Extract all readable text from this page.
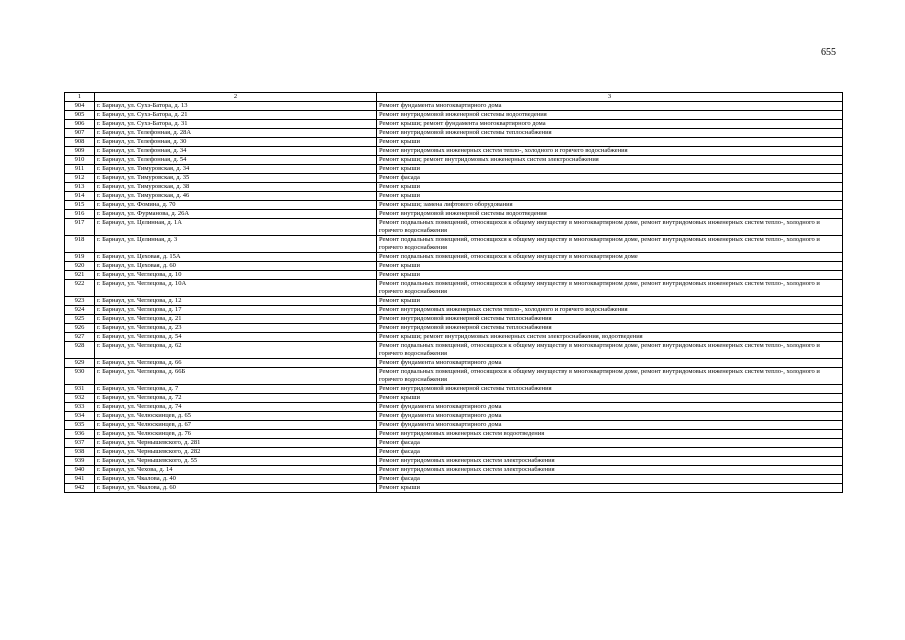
655
1	2	3
904	г. Барнаул, ул. Сухэ-Батора, д. 13	Ремонт фундамента многоквартирного дома
905	г. Барнаул, ул. Сухэ-Батора, д. 21	Ремонт внутридомовой инженерной системы водоотведения
906	г. Барнаул, ул. Сухэ-Батора, д. 31	Ремонт крыши; ремонт фундамента многоквартирного дома
907	г. Барнаул, ул. Телефонная, д. 28А	Ремонт внутридомовой инженерной системы теплоснабжения
908	г. Барнаул, ул. Телефонная, д. 30	Ремонт крыши
909	г. Барнаул, ул. Телефонная, д. 34	Ремонт внутридомовых инженерных систем тепло-, холодного и горячего водоснабжения
910	г. Барнаул, ул. Телефонная, д. 54	Ремонт крыши; ремонт внутридомовых инженерных систем электроснабжения
911	г. Барнаул, ул. Тимуровская, д. 34	Ремонт крыши
912	г. Барнаул, ул. Тимуровская, д. 35	Ремонт фасада
913	г. Барнаул, ул. Тимуровская, д. 38	Ремонт крыши
914	г. Барнаул, ул. Тимуровская, д. 46	Ремонт крыши
915	г. Барнаул, ул. Фомина, д. 70	Ремонт крыши; замена лифтового оборудования
916	г. Барнаул, ул. Фурманова, д. 26А	Ремонт внутридомовой инженерной системы водоотведения
917	г. Барнаул, ул. Целинная, д. 1А	Ремонт подвальных помещений, относящихся к общему имуществу в многоквартирном доме, ремонт внутридомовых инженерных систем тепло-, холодного и горячего водоснабжения
918	г. Барнаул, ул. Целинная, д. 3	Ремонт подвальных помещений, относящихся к общему имуществу в многоквартирном доме, ремонт внутридомовых инженерных систем тепло-, холодного и горячего водоснабжения
919	г. Барнаул, ул. Цеховая, д. 15А	Ремонт подвальных помещений, относящихся к общему имуществу в многоквартирном доме
920	г. Барнаул, ул. Цеховая, д. 60	Ремонт крыши
921	г. Барнаул, ул. Чеглецова, д. 10	Ремонт крыши
922	г. Барнаул, ул. Чеглецова, д. 10А	Ремонт подвальных помещений, относящихся к общему имуществу в многоквартирном доме, ремонт внутридомовых инженерных систем тепло-, холодного и горячего водоснабжения
923	г. Барнаул, ул. Чеглецова, д. 12	Ремонт крыши
924	г. Барнаул, ул. Чеглецова, д. 17	Ремонт внутридомовых инженерных систем тепло-, холодного и горячего водоснабжения
925	г. Барнаул, ул. Чеглецова, д. 21	Ремонт внутридомовой инженерной системы теплоснабжения
926	г. Барнаул, ул. Чеглецова, д. 23	Ремонт внутридомовой инженерной системы теплоснабжения
927	г. Барнаул, ул. Чеглецова, д. 54	Ремонт крыши; ремонт внутридомовых инженерных систем электроснабжения, водоотведения
928	г. Барнаул, ул. Чеглецова, д. 62	Ремонт подвальных помещений, относящихся к общему имуществу в многоквартирном доме, ремонт внутридомовых инженерных систем тепло-, холодного и горячего водоснабжения
929	г. Барнаул, ул. Чеглецова, д. 66	Ремонт фундамента многоквартирного дома
930	г. Барнаул, ул. Чеглецова, д. 66Б	Ремонт подвальных помещений, относящихся к общему имуществу в многоквартирном доме, ремонт внутридомовых инженерных систем тепло-, холодного и горячего водоснабжения
931	г. Барнаул, ул. Чеглецова, д. 7	Ремонт внутридомовой инженерной системы теплоснабжения
932	г. Барнаул, ул. Чеглецова, д. 72	Ремонт крыши
933	г. Барнаул, ул. Чеглецова, д. 74	Ремонт фундамента многоквартирного дома
934	г. Барнаул, ул. Челюскинцев, д. 65	Ремонт фундамента многоквартирного дома
935	г. Барнаул, ул. Челюскинцев, д. 67	Ремонт фундамента многоквартирного дома
936	г. Барнаул, ул. Челюскинцев, д. 76	Ремонт внутридомовых инженерных систем водоотведения
937	г. Барнаул, ул. Чернышевского, д. 281	Ремонт фасада
938	г. Барнаул, ул. Чернышевского, д. 282	Ремонт фасада
939	г. Барнаул, ул. Чернышевского, д. 55	Ремонт внутридомовых инженерных систем электроснабжения
940	г. Барнаул, ул. Чехова, д. 14	Ремонт внутридомовых инженерных систем электроснабжения
941	г. Барнаул, ул. Чкалова, д. 40	Ремонт фасада
942	г. Барнаул, ул. Чкалова, д. 60	Ремонт крыши
